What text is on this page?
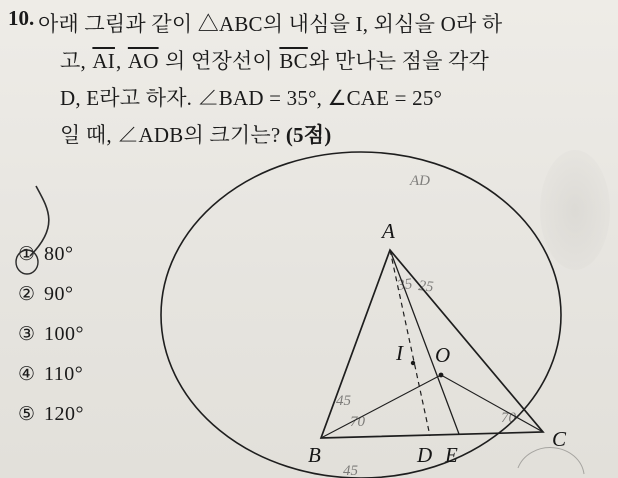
10. 아래 그림과 같이 △ABC의 내심을 I, 외심을 O라 하
고, $\overline{AI}$, $\overline{AO}$ 의 연장선이 $\overline{BC}$와 만나는 점을 각각
D, E라고 하자. ∠BAD = 35°, ∠CAE = 25°
일 때, ∠ADB의 크기는? (5점)
① 80°
② 90°
③ 100°
④ 110°
⑤ 120°
A
B
C
I O
D E
35 25
45
70	70
AD
45
